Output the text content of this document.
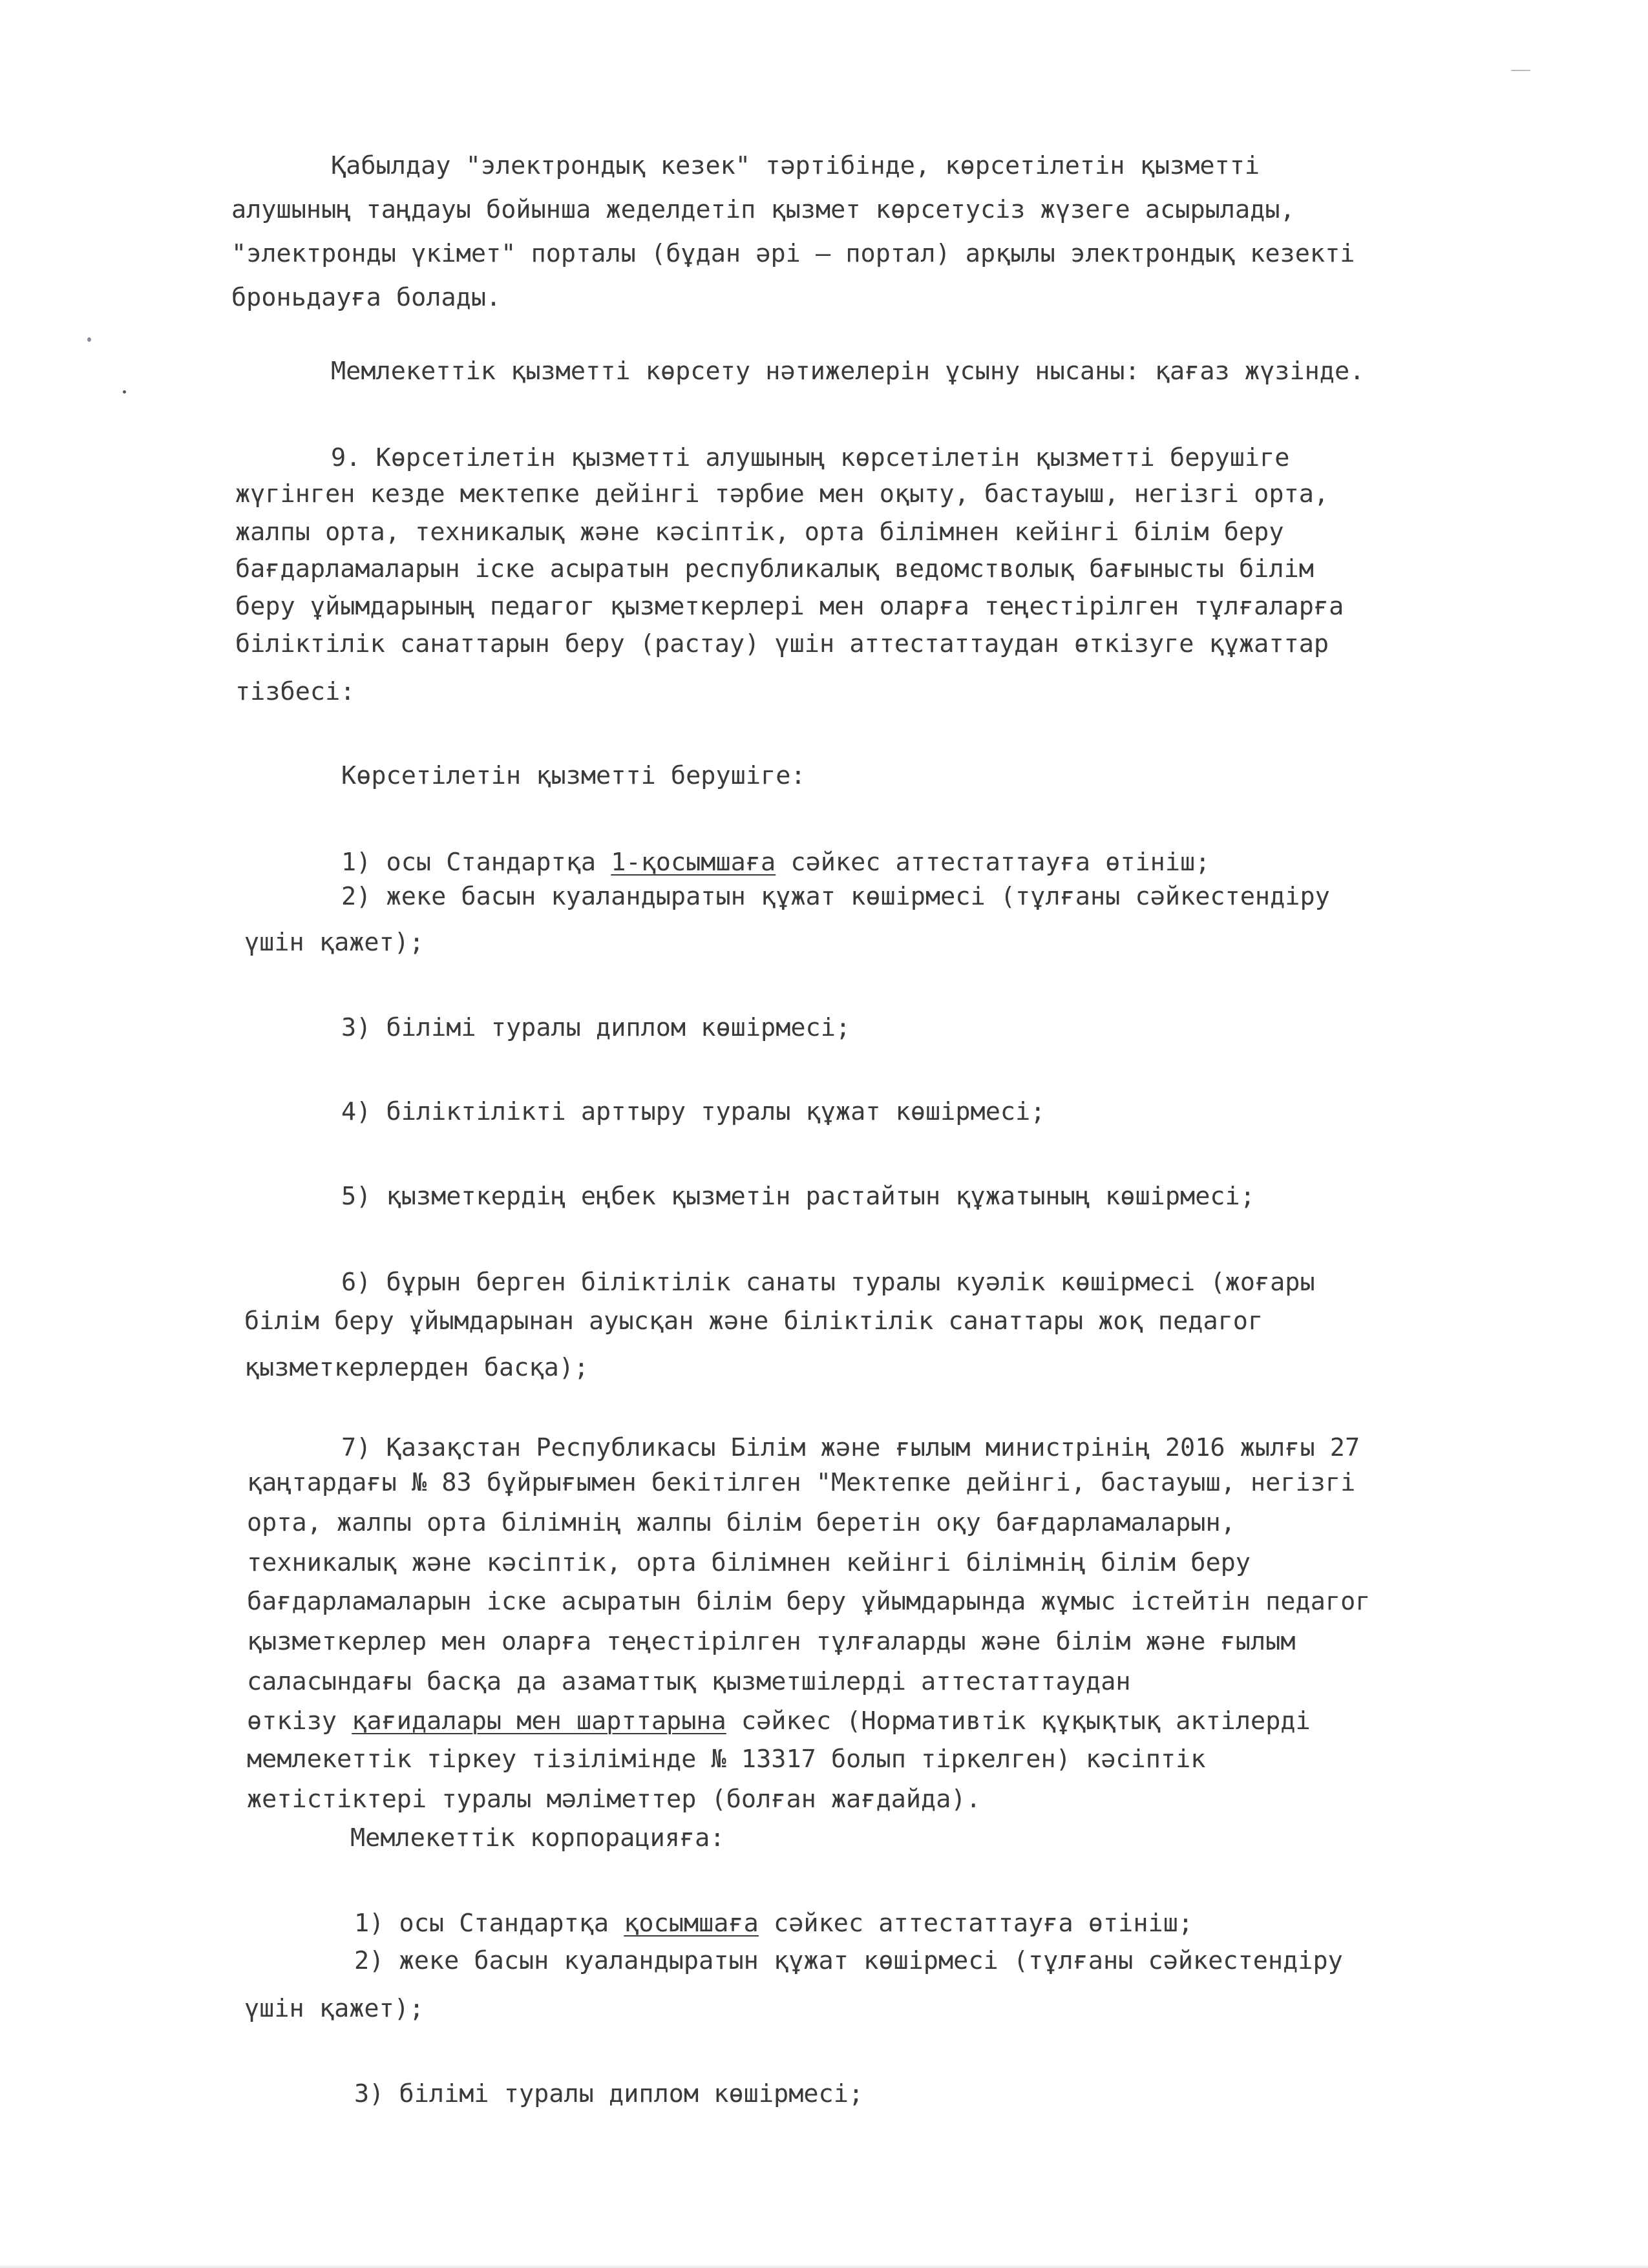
Қабылдау "электрондық кезек" тәртібінде, көрсетілетін қызметті
алушының таңдауы бойынша жеделдетіп қызмет көрсетусіз жүзеге асырылады,
"электронды үкімет" порталы (бұдан әрі – портал) арқылы электрондық кезекті
броньдауға болады.
Мемлекеттік қызметті көрсету нәтижелерін ұсыну нысаны: қағаз жүзінде.
9. Көрсетілетін қызметті алушының көрсетілетін қызметті берушіге
жүгінген кезде мектепке дейінгі тәрбие мен оқыту, бастауыш, негізгі орта,
жалпы орта, техникалық және кәсіптік, орта білімнен кейінгі білім беру
бағдарламаларын іске асыратын республикалық ведомстволық бағынысты білім
беру ұйымдарының педагог қызметкерлері мен оларға теңестірілген тұлғаларға
біліктілік санаттарын беру (растау) үшін аттестаттаудан өткізуге құжаттар
тізбесі:
Көрсетілетін қызметті берушіге:
1) осы Стандартқа 1-қосымшаға сәйкес аттестаттауға өтініш;
2) жеке басын куаландыратын құжат көшірмесі (тұлғаны сәйкестендіру
үшін қажет);
3) білімі туралы диплом көшірмесі;
4) біліктілікті арттыру туралы құжат көшірмесі;
5) қызметкердің еңбек қызметін растайтын құжатының көшірмесі;
6) бұрын берген біліктілік санаты туралы куәлік көшірмесі (жоғары
білім беру ұйымдарынан ауысқан және біліктілік санаттары жоқ педагог
қызметкерлерден басқа);
7) Қазақстан Республикасы Білім және ғылым министрінің 2016 жылғы 27
қаңтардағы № 83 бұйрығымен бекітілген "Мектепке дейінгі, бастауыш, негізгі
орта, жалпы орта білімнің жалпы білім беретін оқу бағдарламаларын,
техникалық және кәсіптік, орта білімнен кейінгі білімнің білім беру
бағдарламаларын іске асыратын білім беру ұйымдарында жұмыс істейтін педагог
қызметкерлер мен оларға теңестірілген тұлғаларды және білім және ғылым
саласындағы басқа да азаматтық қызметшілерді аттестаттаудан
өткізу қағидалары мен шарттарына сәйкес (Нормативтік құқықтық актілерді
мемлекеттік тіркеу тізілімінде № 13317 болып тіркелген) кәсіптік
жетістіктері туралы мәліметтер (болған жағдайда).
Мемлекеттік корпорацияға:
1) осы Стандартқа қосымшаға сәйкес аттестаттауға өтініш;
2) жеке басын куаландыратын құжат көшірмесі (тұлғаны сәйкестендіру
үшін қажет);
3) білімі туралы диплом көшірмесі;
